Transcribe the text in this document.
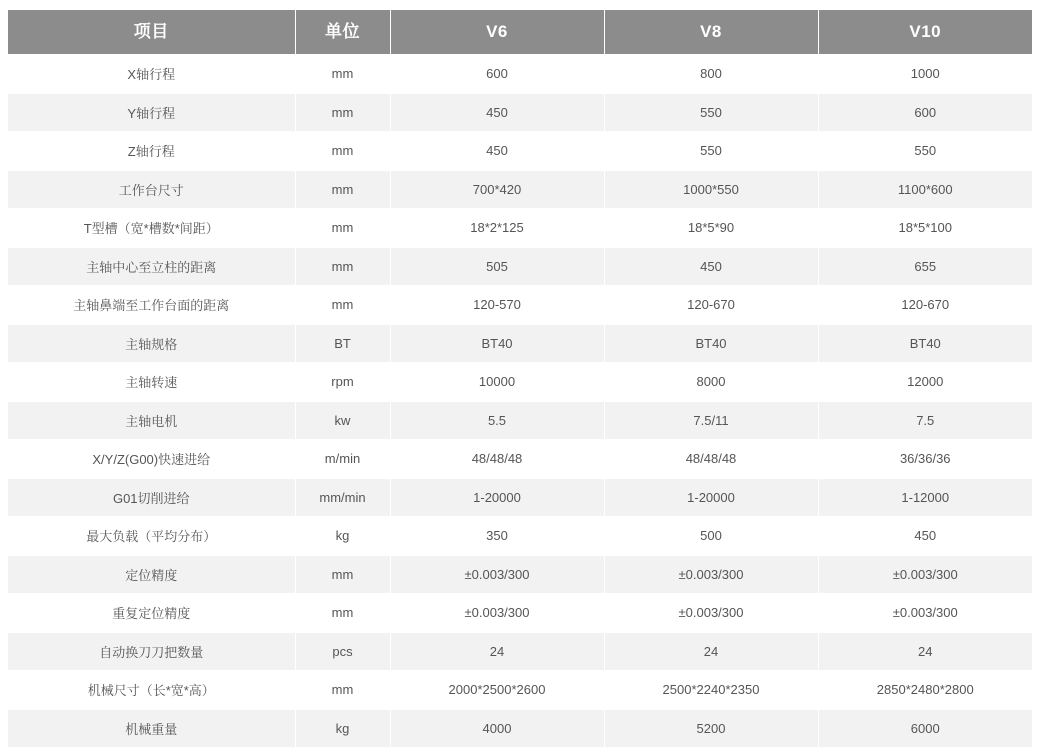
项目	单位	V6	V8	V10
X轴行程	mm	600	800	1000
Y轴行程	mm	450	550	600
Z轴行程	mm	450	550	550
工作台尺寸	mm	700*420	1000*550	1100*600
T型槽（宽*槽数*间距）	mm	18*2*125	18*5*90	18*5*100
主轴中心至立柱的距离	mm	505	450	655
主轴鼻端至工作台面的距离	mm	120-570	120-670	120-670
主轴规格	BT	BT40	BT40	BT40
主轴转速	rpm	10000	8000	12000
主轴电机	kw	5.5	7.5/11	7.5
X/Y/Z(G00)快速进给	m/min	48/48/48	48/48/48	36/36/36
G01切削进给	mm/min	1-20000	1-20000	1-12000
最大负载（平均分布）	kg	350	500	450
定位精度	mm	±0.003/300	±0.003/300	±0.003/300
重复定位精度	mm	±0.003/300	±0.003/300	±0.003/300
自动换刀刀把数量	pcs	24	24	24
机械尺寸（长*宽*高）	mm	2000*2500*2600	2500*2240*2350	2850*2480*2800
机械重量	kg	4000	5200	6000
